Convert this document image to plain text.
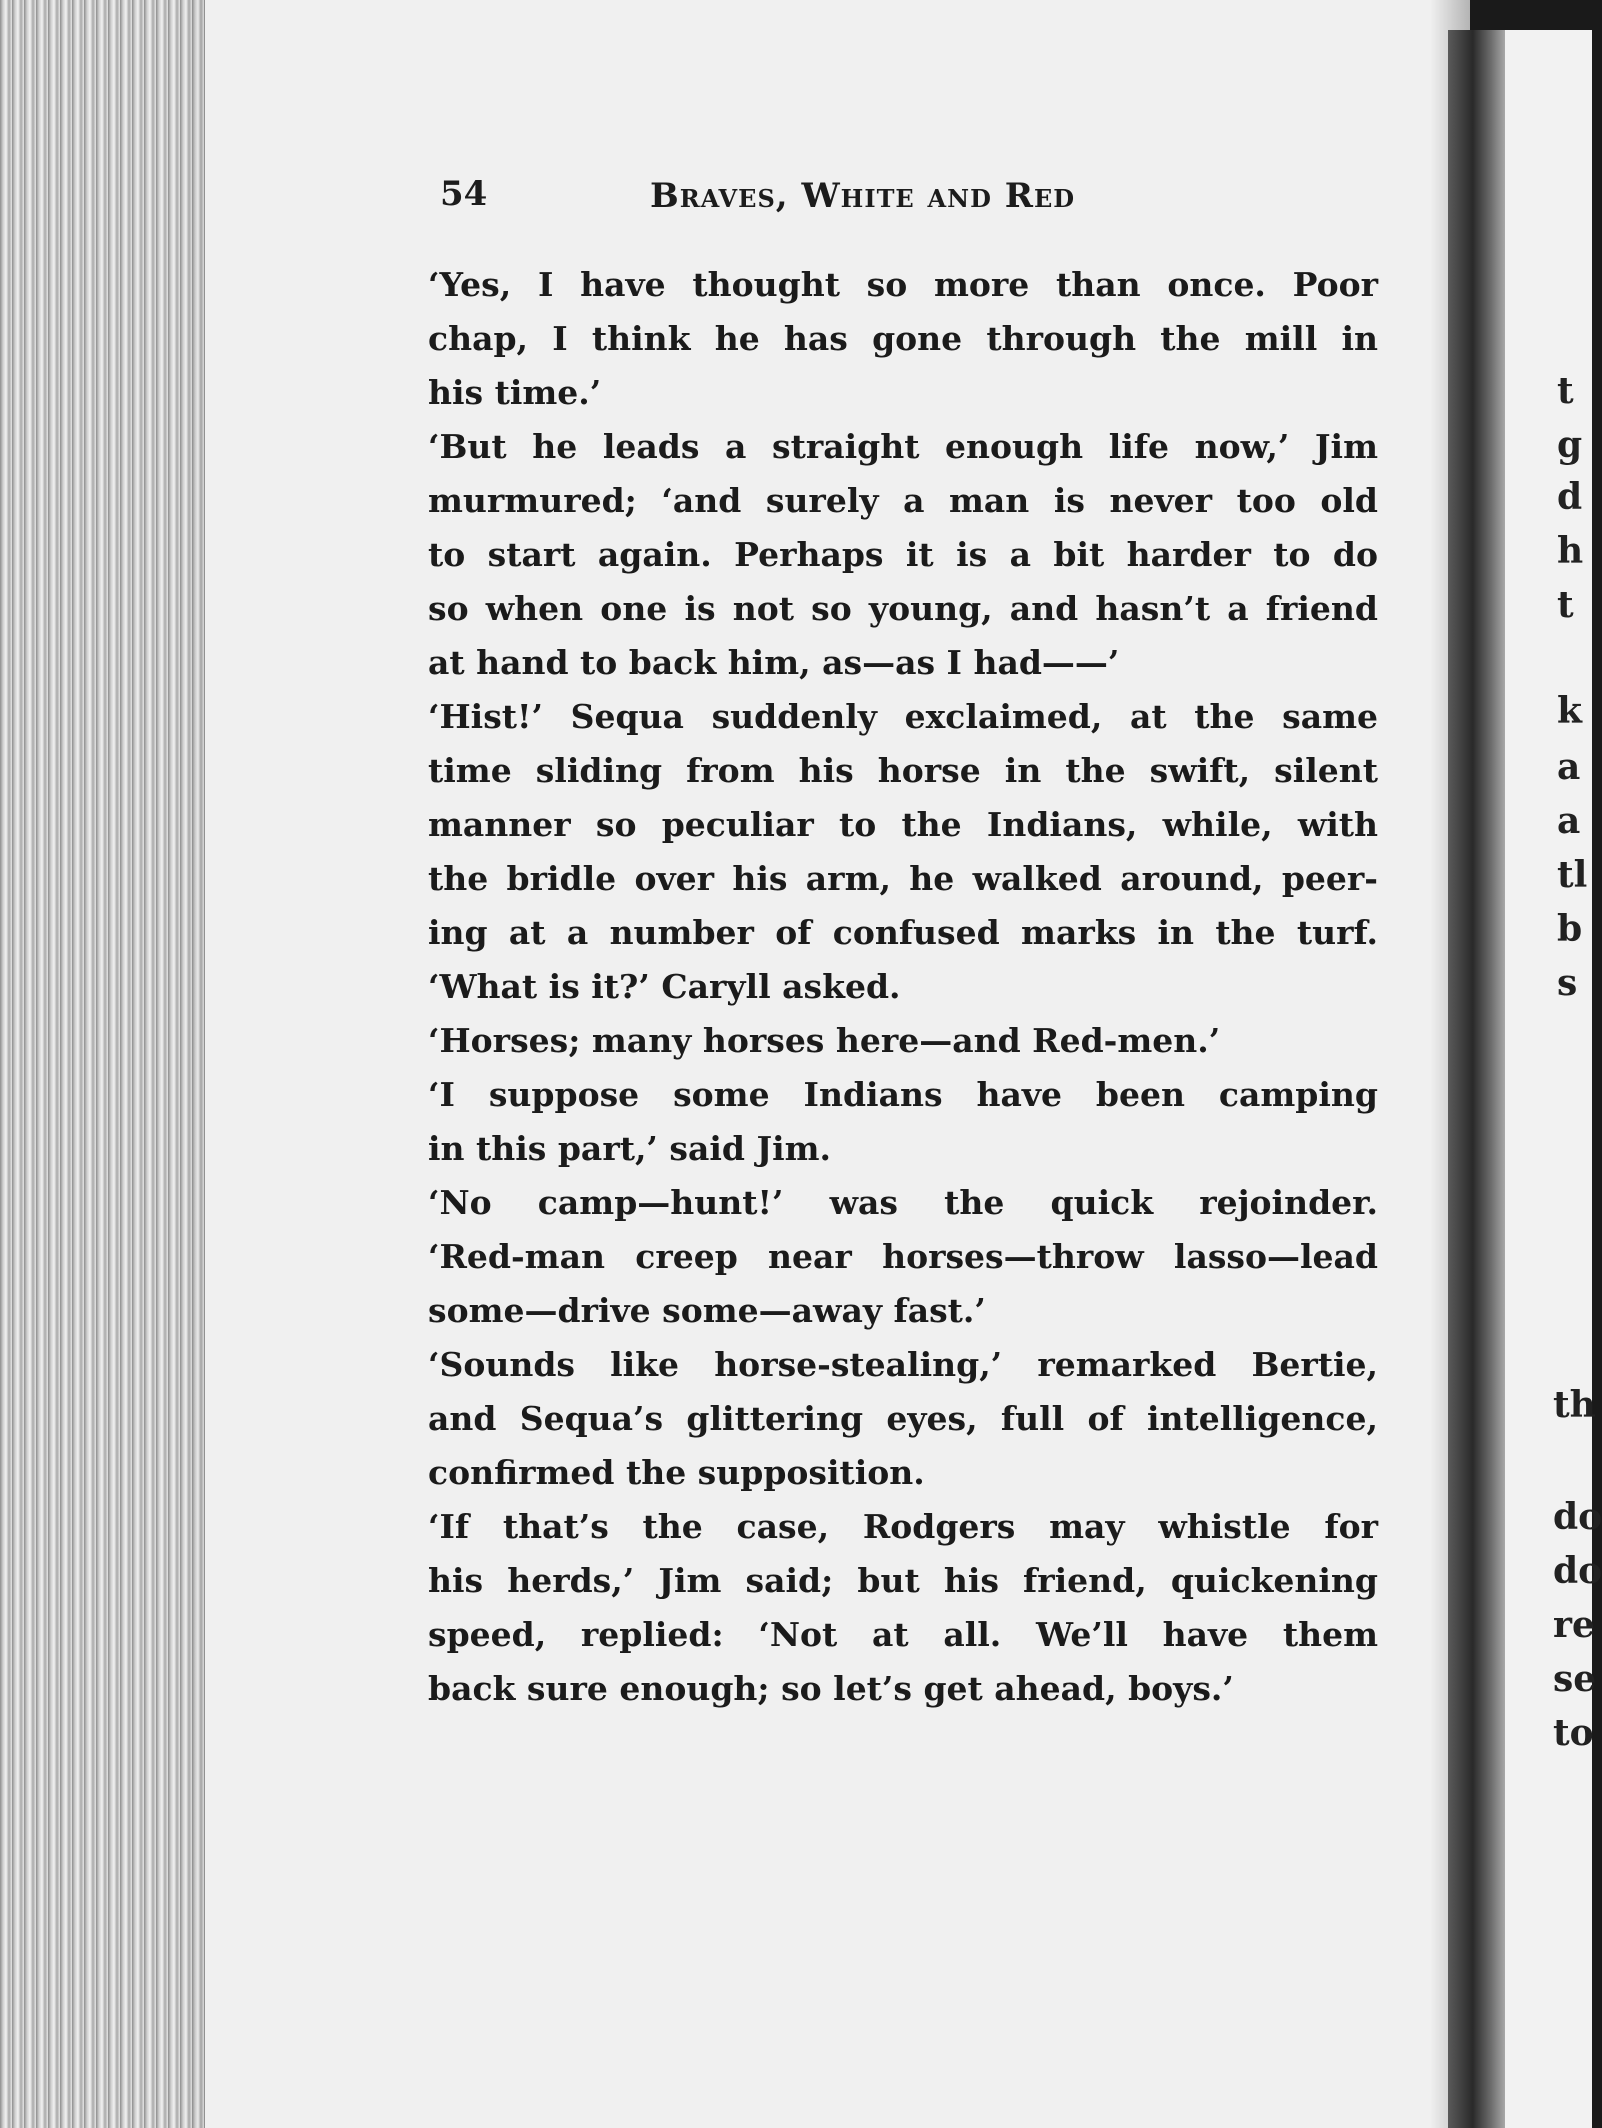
t
g
d
h
t
k
a
a
tl
b
s
th
do
do
re
se
to
54	Braves, White and Red
‘Yes, I have thought so more than once. Poor
chap, I think he has gone through the mill in
his time.’
‘But he leads a straight enough life now,’ Jim
murmured; ‘and surely a man is never too old
to start again. Perhaps it is a bit harder to do
so when one is not so young, and hasn’t a friend
at hand to back him, as—as I had——’
‘Hist!’ Sequa suddenly exclaimed, at the same
time sliding from his horse in the swift, silent
manner so peculiar to the Indians, while, with
the bridle over his arm, he walked around, peer-
ing at a number of confused marks in the turf.
‘What is it?’ Caryll asked.
‘Horses; many horses here—and Red-men.’
‘I suppose some Indians have been camping
in this part,’ said Jim.
‘No camp—hunt!’ was the quick rejoinder.
‘Red-man creep near horses—throw lasso—lead
some—drive some—away fast.’
‘Sounds like horse-stealing,’ remarked Bertie,
and Sequa’s glittering eyes, full of intelligence,
confirmed the supposition.
‘If that’s the case, Rodgers may whistle for
his herds,’ Jim said; but his friend, quickening
speed, replied: ‘Not at all. We’ll have them
back sure enough; so let’s get ahead, boys.’
